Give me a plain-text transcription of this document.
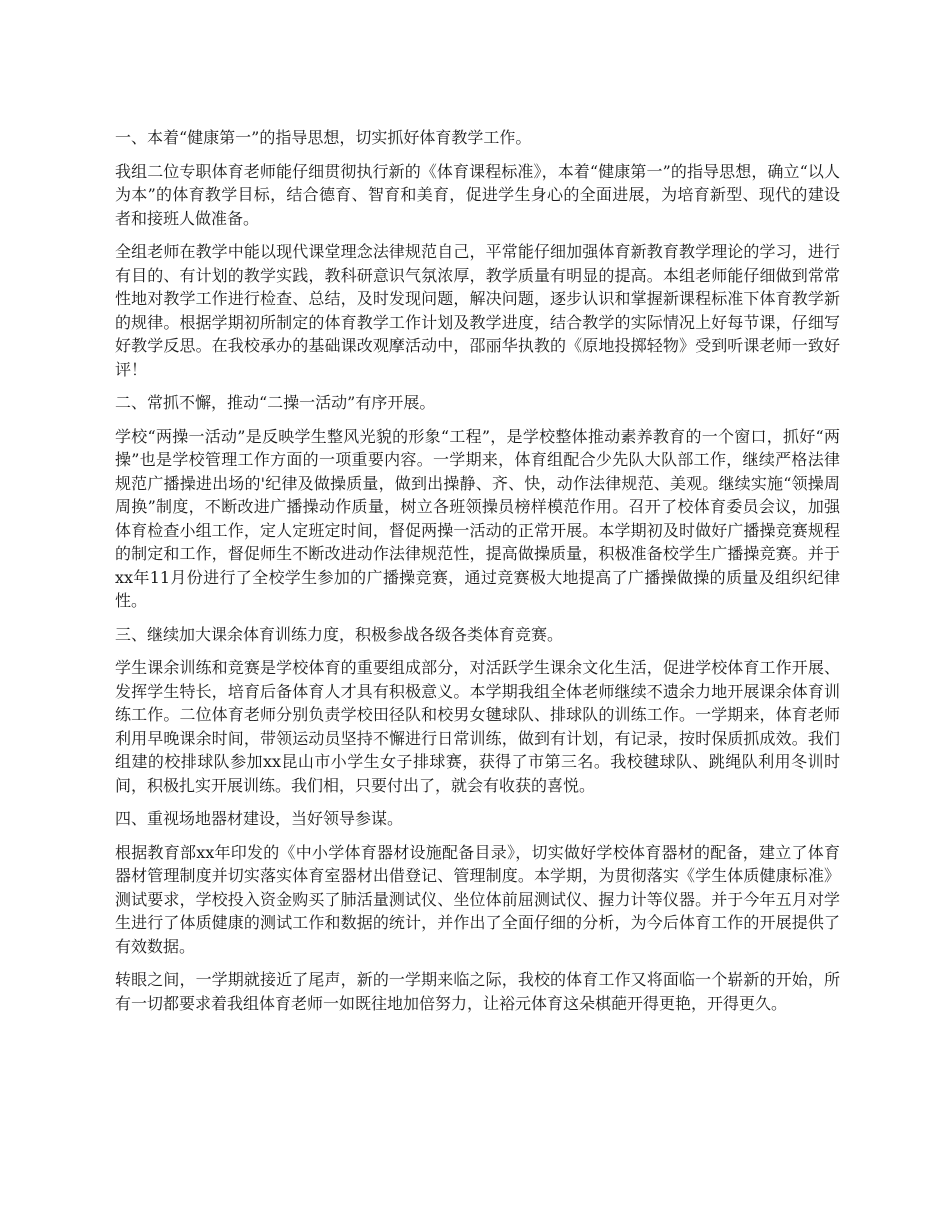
一、本着“健康第一”的指导思想，切实抓好体育教学工作。

我组二位专职体育老师能仔细贯彻执行新的《体育课程标准》，本着“健康第一”的指导思想，确立“以人为本”的体育教学目标，结合德育、智育和美育，促进学生身心的全面进展，为培育新型、现代的建设者和接班人做准备。

全组老师在教学中能以现代课堂理念法律规范自己，平常能仔细加强体育新教育教学理论的学习，进行有目的、有计划的教学实践，教科研意识气氛浓厚，教学质量有明显的提高。本组老师能仔细做到常常性地对教学工作进行检查、总结，及时发现问题，解决问题，逐步认识和掌握新课程标准下体育教学新的规律。根据学期初所制定的体育教学工作计划及教学进度，结合教学的实际情况上好每节课，仔细写好教学反思。在我校承办的基础课改观摩活动中，邵丽华执教的《原地投掷轻物》受到听课老师一致好评！

二、常抓不懈，推动“二操一活动”有序开展。

学校“两操一活动”是反映学生整风光貌的形象“工程”，是学校整体推动素养教育的一个窗口，抓好“两操”也是学校管理工作方面的一项重要内容。一学期来，体育组配合少先队大队部工作，继续严格法律规范广播操进出场的'纪律及做操质量，做到出操静、齐、快，动作法律规范、美观。继续实施“领操周周换”制度，不断改进广播操动作质量，树立各班领操员榜样模范作用。召开了校体育委员会议，加强体育检查小组工作，定人定班定时间，督促两操一活动的正常开展。本学期初及时做好广播操竞赛规程的制定和工作，督促师生不断改进动作法律规范性，提高做操质量，积极准备校学生广播操竞赛。并于xx年11月份进行了全校学生参加的广播操竞赛，通过竞赛极大地提高了广播操做操的质量及组织纪律性。

三、继续加大课余体育训练力度，积极参战各级各类体育竞赛。

学生课余训练和竞赛是学校体育的重要组成部分，对活跃学生课余文化生活，促进学校体育工作开展、发挥学生特长，培育后备体育人才具有积极意义。本学期我组全体老师继续不遗余力地开展课余体育训练工作。二位体育老师分别负责学校田径队和校男女毽球队、排球队的训练工作。一学期来，体育老师利用早晚课余时间，带领运动员坚持不懈进行日常训练，做到有计划，有记录，按时保质抓成效。我们组建的校排球队参加xx昆山市小学生女子排球赛，获得了市第三名。我校毽球队、跳绳队利用冬训时间，积极扎实开展训练。我们相，只要付出了，就会有收获的喜悦。

四、重视场地器材建设，当好领导参谋。

根据教育部xx年印发的《中小学体育器材设施配备目录》，切实做好学校体育器材的配备，建立了体育器材管理制度并切实落实体育室器材出借登记、管理制度。本学期，为贯彻落实《学生体质健康标准》测试要求，学校投入资金购买了肺活量测试仪、坐位体前屈测试仪、握力计等仪器。并于今年五月对学生进行了体质健康的测试工作和数据的统计，并作出了全面仔细的分析，为今后体育工作的开展提供了有效数据。

转眼之间，一学期就接近了尾声，新的一学期来临之际，我校的体育工作又将面临一个崭新的开始，所有一切都要求着我组体育老师一如既往地加倍努力，让裕元体育这朵棋葩开得更艳，开得更久。
